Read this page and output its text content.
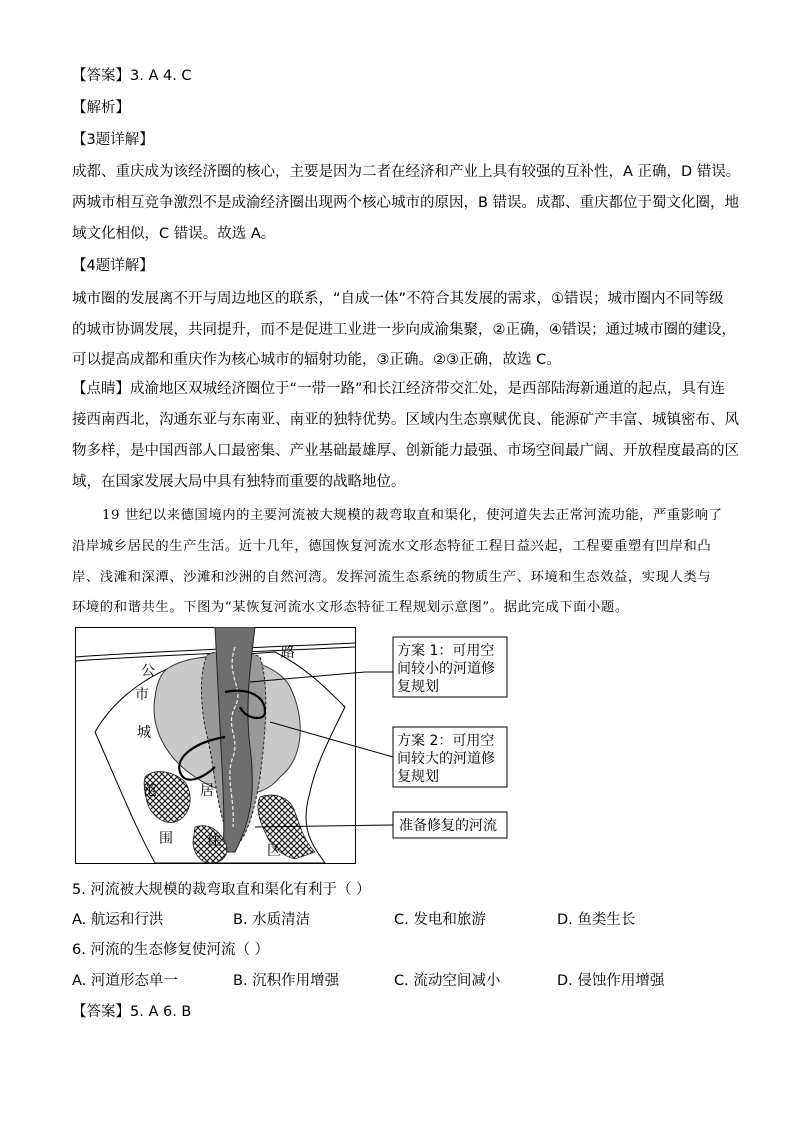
【答案】3. A 4. C
【解析】
【3题详解】
成都、重庆成为该经济圈的核心，主要是因为二者在经济和产业上具有较强的互补性，A 正确，D 错误。
两城市相互竞争激烈不是成渝经济圈出现两个核心城市的原因，B 错误。成都、重庆都位于蜀文化圈，地
域文化相似，C 错误。故选 A。
【4题详解】
城市圈的发展离不开与周边地区的联系，“自成一体”不符合其发展的需求，①错误；城市圈内不同等级
的城市协调发展，共同提升，而不是促进工业进一步向成渝集聚，②正确，④错误；通过城市圈的建设，
可以提高成都和重庆作为核心城市的辐射功能，③正确。②③正确，故选 C。
【点睛】成渝地区双城经济圈位于“一带一路”和长江经济带交汇处，是西部陆海新通道的起点，具有连
接西南西北，沟通东亚与东南亚、南亚的独特优势。区域内生态禀赋优良、能源矿产丰富、城镇密布、风
物多样，是中国西部人口最密集、产业基础最雄厚、创新能力最强、市场空间最广阔、开放程度最高的区
域，在国家发展大局中具有独特而重要的战略地位。
19 世纪以来德国境内的主要河流被大规模的裁弯取直和渠化，使河道失去正常河流功能，严重影响了
沿岸城乡居民的生产生活。近十几年，德国恢复河流水文形态特征工程日益兴起，工程要重塑有凹岸和凸
岸、浅滩和深潭、沙滩和沙洲的自然河湾。发挥河流生态系统的物质生产、环境和生态效益，实现人类与
环境的和谐共生。下图为“某恢复河流水文形态特征工程规划示意图”。据此完成下面小题。
路
公
市
城
范
围
居
住
区
方案 1：可用空
间较小的河道修
复规划
方案 2：可用空
间较大的河道修
复规划
准备修复的河流
5. 河流被大规模的裁弯取直和渠化有利于（ ）
A. 航运和行洪	B. 水质清洁	C. 发电和旅游	D. 鱼类生长
6. 河流的生态修复使河流（ ）
A. 河道形态单一	B. 沉积作用增强	C. 流动空间减小	D. 侵蚀作用增强
【答案】5. A 6. B
